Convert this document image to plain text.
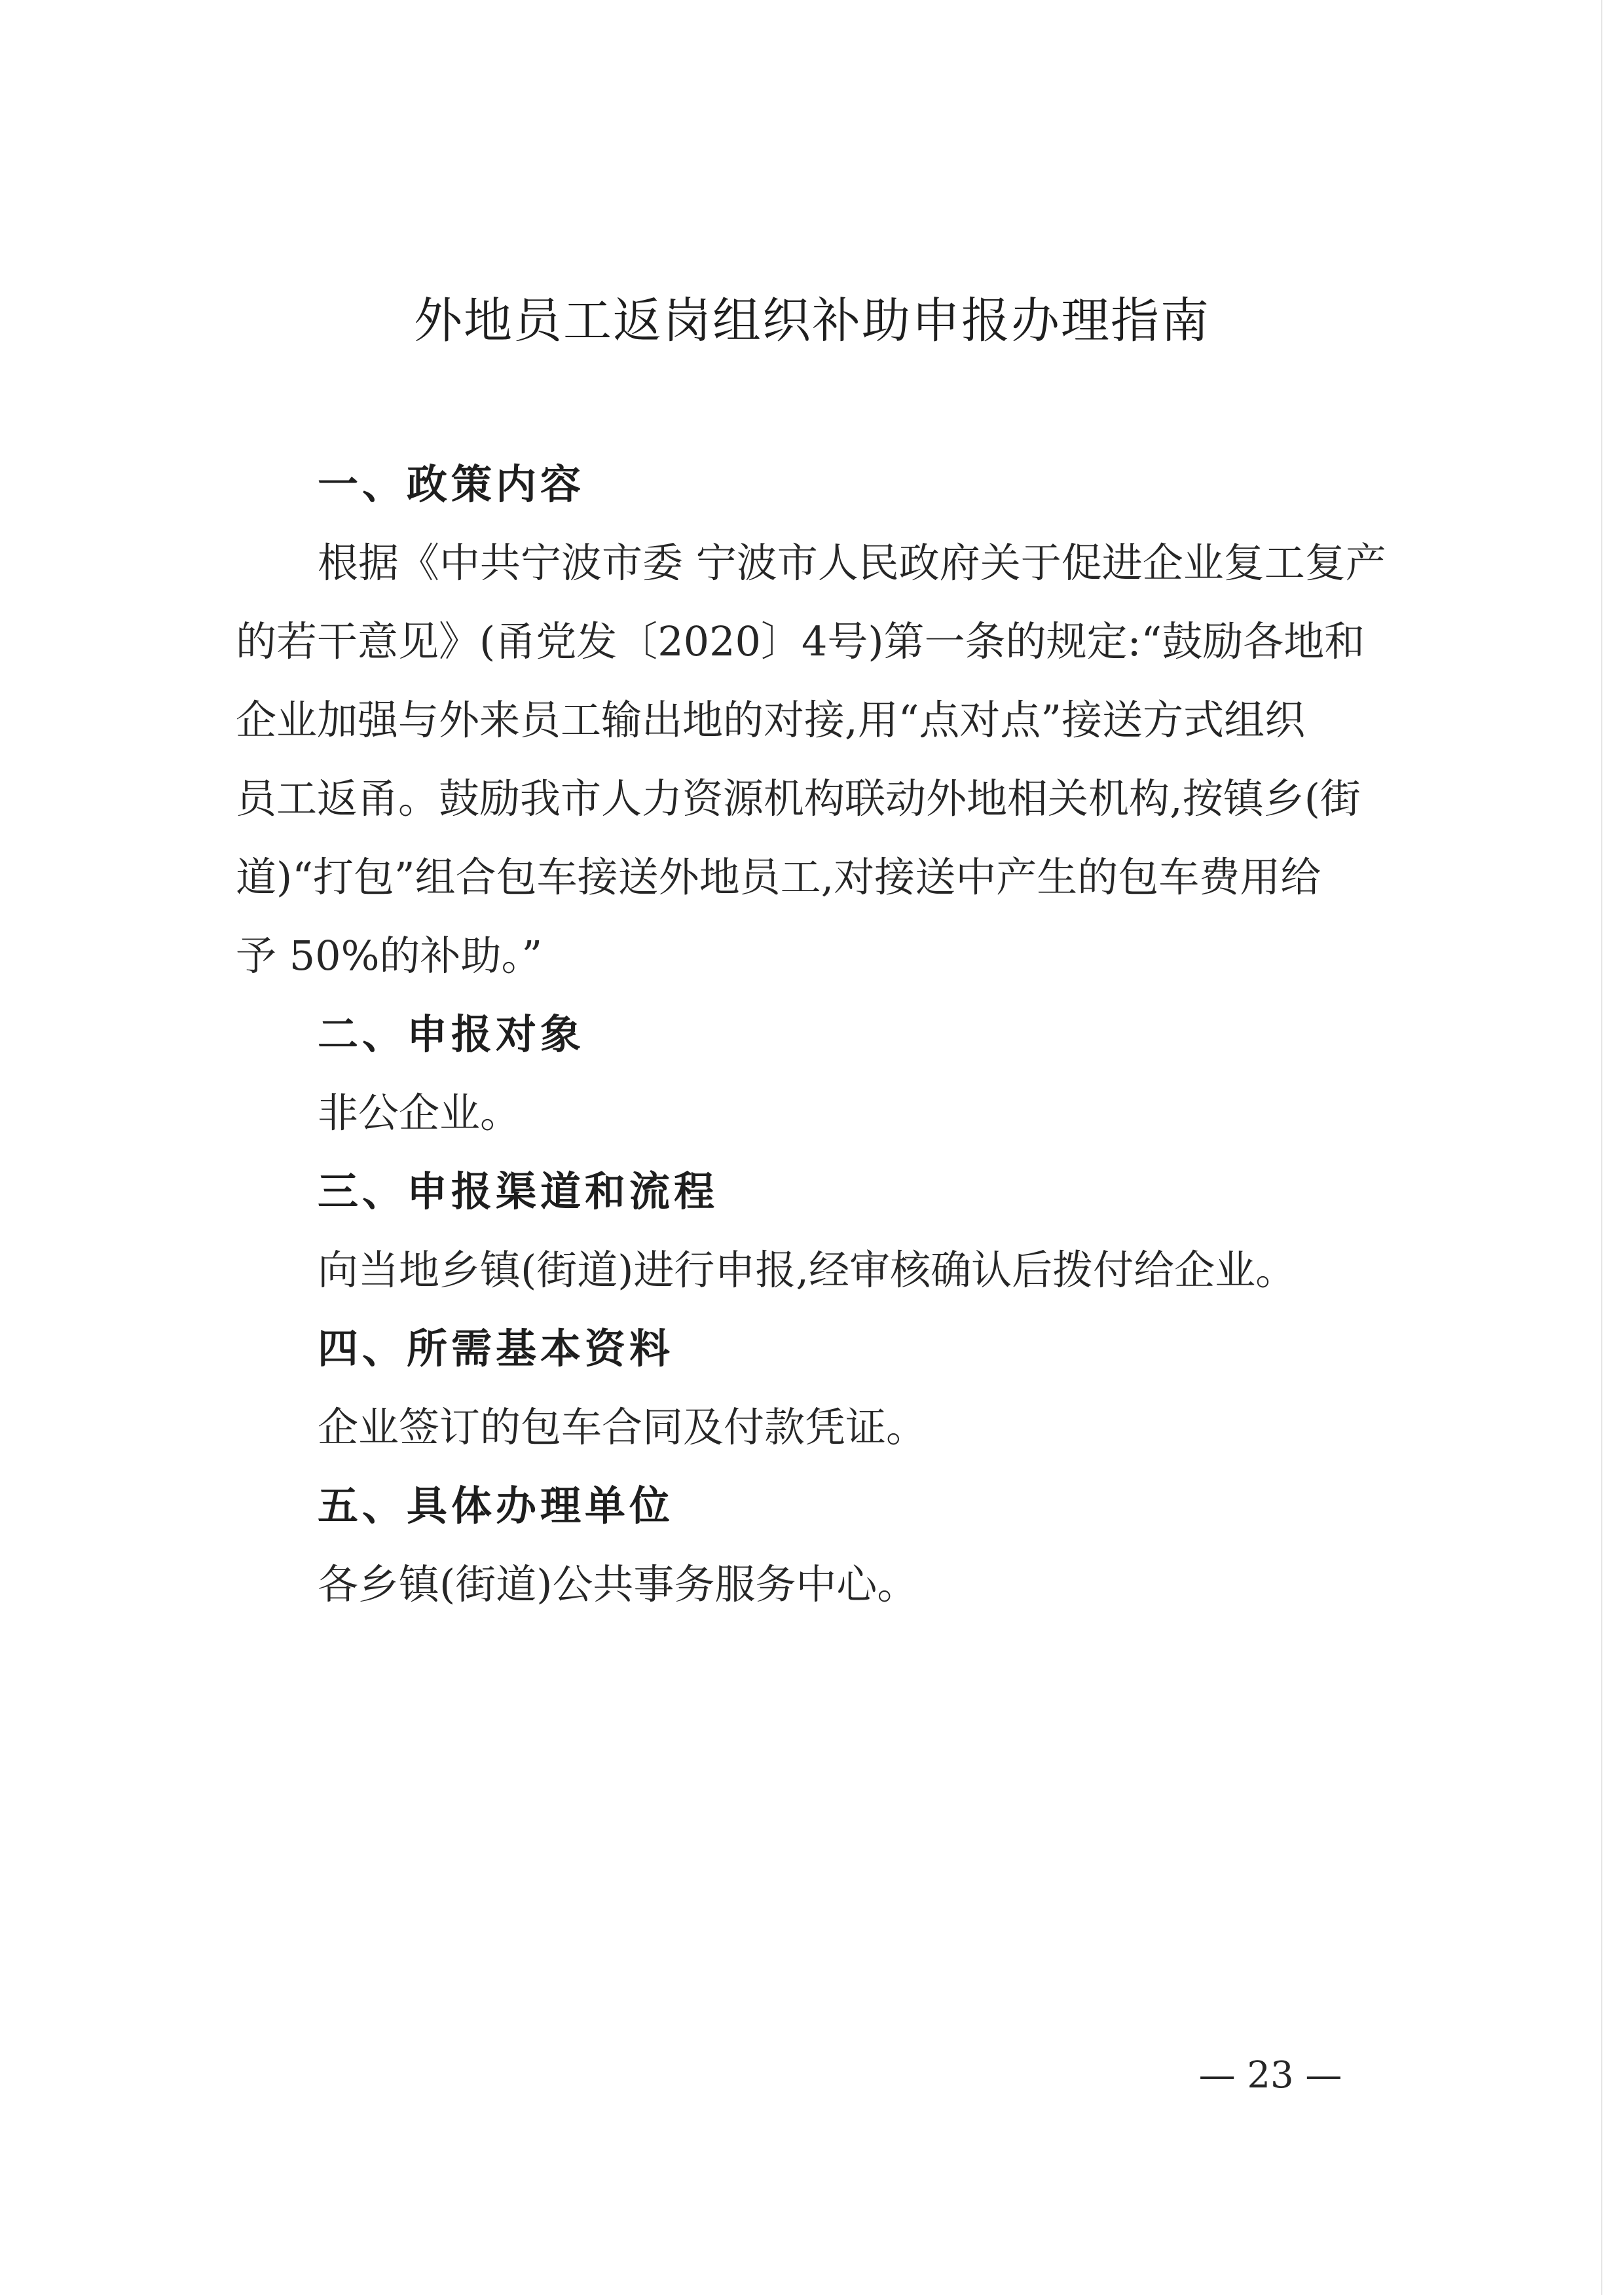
外地员工返岗组织补助申报办理指南
一、政策内容
根据《中共宁波市委 宁波市人民政府关于促进企业复工复产
的若干意见》(甬党发〔2020〕4号)第一条的规定:“鼓励各地和
企业加强与外来员工输出地的对接,用“点对点”接送方式组织
员工返甬。鼓励我市人力资源机构联动外地相关机构,按镇乡(街
道)“打包”组合包车接送外地员工,对接送中产生的包车费用给
予 50%的补助。”
二、申报对象
非公企业。
三、申报渠道和流程
向当地乡镇(街道)进行申报,经审核确认后拨付给企业。
四、所需基本资料
企业签订的包车合同及付款凭证。
五、具体办理单位
各乡镇(街道)公共事务服务中心。
— 23 —
